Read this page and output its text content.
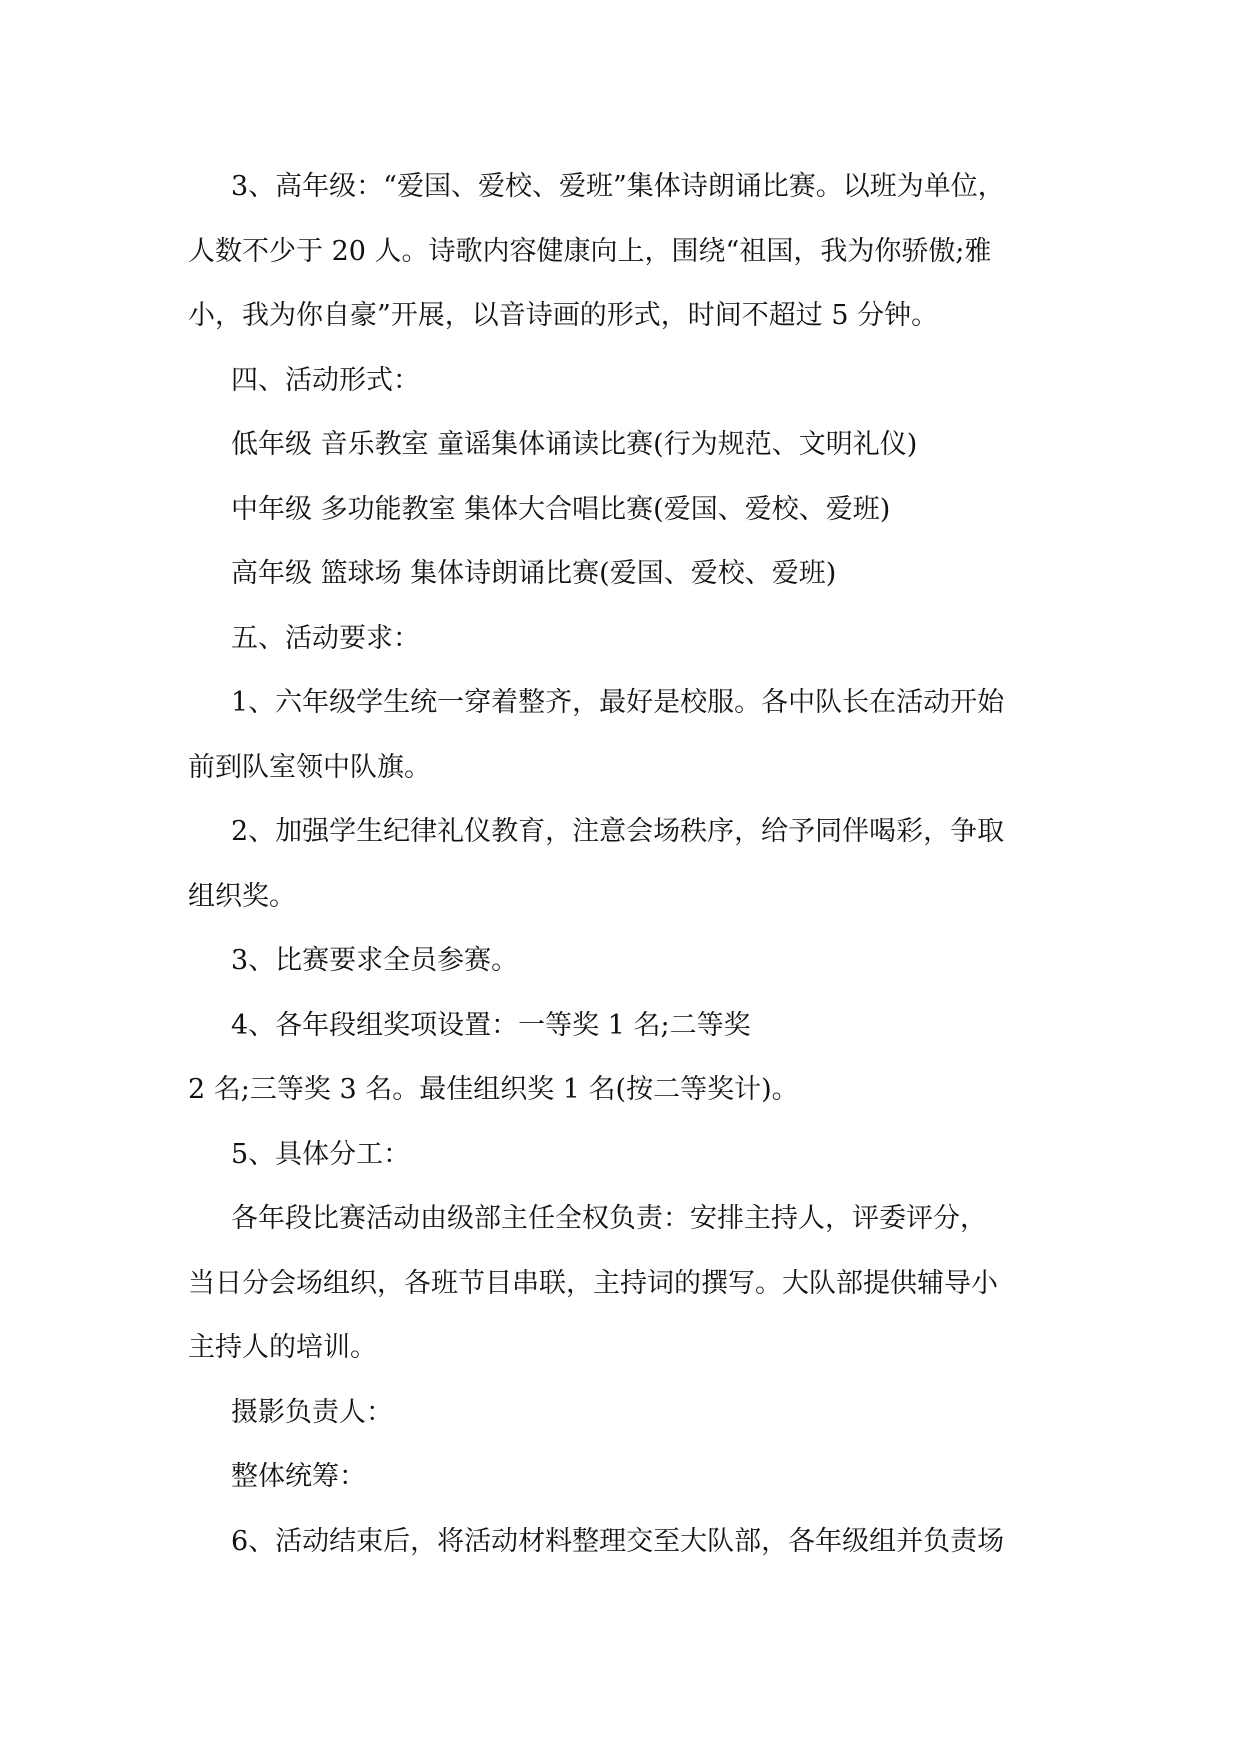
3、高年级：“爱国、爱校、爱班”集体诗朗诵比赛。以班为单位，
人数不少于 20 人。诗歌内容健康向上，围绕“祖国，我为你骄傲;雅
小，我为你自豪”开展，以音诗画的形式，时间不超过 5 分钟。
四、活动形式：
低年级 音乐教室 童谣集体诵读比赛(行为规范、文明礼仪)
中年级 多功能教室 集体大合唱比赛(爱国、爱校、爱班)
高年级 篮球场 集体诗朗诵比赛(爱国、爱校、爱班)
五、活动要求：
1、六年级学生统一穿着整齐，最好是校服。各中队长在活动开始
前到队室领中队旗。
2、加强学生纪律礼仪教育，注意会场秩序，给予同伴喝彩，争取
组织奖。
3、比赛要求全员参赛。
4、各年段组奖项设置：一等奖 1 名;二等奖
2 名;三等奖 3 名。最佳组织奖 1 名(按二等奖计)。
5、具体分工：
各年段比赛活动由级部主任全权负责：安排主持人，评委评分，
当日分会场组织，各班节目串联，主持词的撰写。大队部提供辅导小
主持人的培训。
摄影负责人：
整体统筹：
6、活动结束后，将活动材料整理交至大队部，各年级组并负责场
